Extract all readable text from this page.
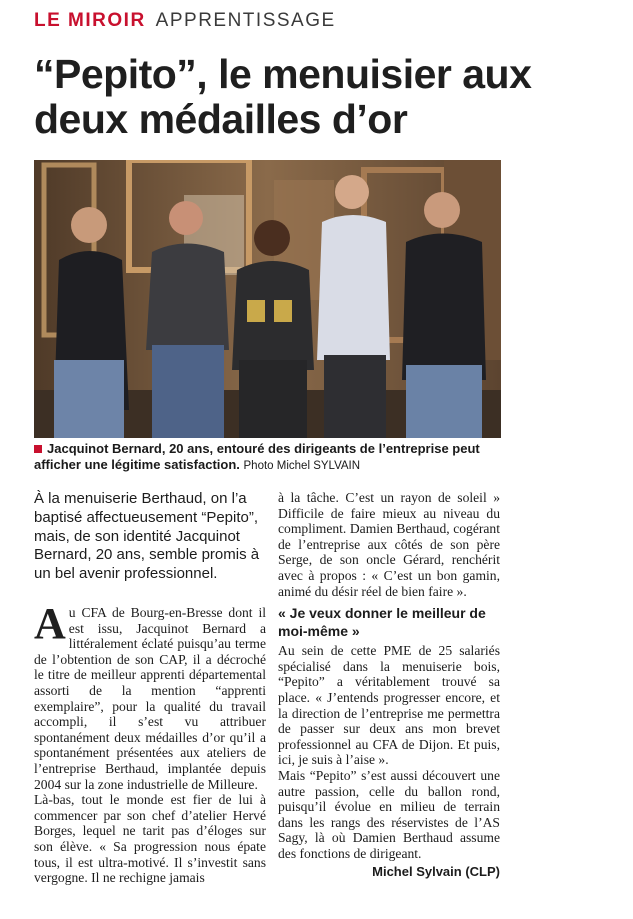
LE MIROIR APPRENTISSAGE
“Pepito”, le menuisier aux deux médailles d’or
Jacquinot Bernard, 20 ans, entouré des dirigeants de l’entreprise peut afficher une légitime satisfaction. Photo Michel SYLVAIN
À la menuiserie Berthaud, on l’a baptisé affectueusement “Pepito”, mais, de son identité Jacquinot Bernard, 20 ans, semble promis à un bel avenir professionnel.

Au CFA de Bourg-en-Bresse dont il est issu, Jacquinot Bernard a littéralement éclaté puisqu’au terme de l’obtention de son CAP, il a décroché le titre de meilleur apprenti départemental assorti de la mention “apprenti exemplaire”, pour la qualité du travail accompli, il s’est vu attribuer spontanément deux médailles d’or qu’il a spontanément présentées aux ateliers de l’entreprise Berthaud, implantée depuis 2004 sur la zone industrielle de Milleure.

Là-bas, tout le monde est fier de lui à commencer par son chef d’atelier Hervé Borges, lequel ne tarit pas d’éloges sur son élève. « Sa progression nous épate tous, il est ultra-motivé. Il s’investit sans vergogne. Il ne rechigne jamais

à la tâche. C’est un rayon de soleil » Difficile de faire mieux au niveau du compliment. Damien Berthaud, cogérant de l’entreprise aux côtés de son père Serge, de son oncle Gérard, renchérit avec à propos : « C’est un bon gamin, animé du désir réel de bien faire ».

« Je veux donner le meilleur de moi-même »

Au sein de cette PME de 25 salariés spécialisé dans la menuiserie bois, “Pepito” a véritablement trouvé sa place. « J’entends progresser encore, et la direction de l’entreprise me permettra de passer sur deux ans mon brevet professionnel au CFA de Dijon. Et puis, ici, je suis à l’aise ».

Mais “Pepito” s’est aussi découvert une autre passion, celle du ballon rond, puisqu’il évolue en milieu de terrain dans les rangs des réservistes de l’AS Sagy, là où Damien Berthaud assume des fonctions de dirigeant.

Michel Sylvain (CLP)
